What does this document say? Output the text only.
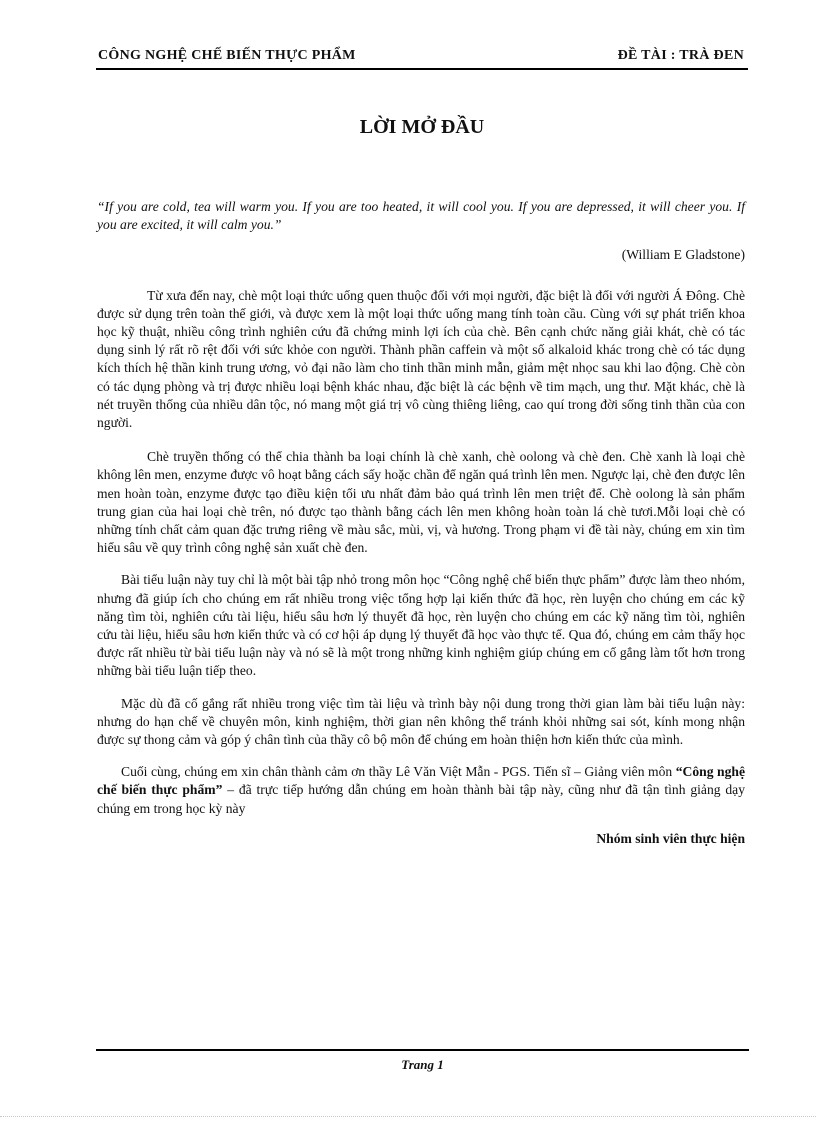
CÔNG NGHỆ CHẾ BIẾN THỰC PHẨM	ĐỀ TÀI : TRÀ ĐEN
LỜI MỞ ĐẦU

“If you are cold, tea will warm you. If you are too heated, it will cool you. If you are depressed, it will cheer you. If you are excited, it will calm you.”

(William E Gladstone)

Từ xưa đến nay, chè một loại thức uống quen thuộc đối với mọi người, đặc biệt là đối với người Á Đông. Chè được sử dụng trên toàn thế giới, và được xem là một loại thức uống mang tính toàn cầu. Cùng với sự phát triển khoa học kỹ thuật, nhiều công trình nghiên cứu đã chứng minh lợi ích của chè. Bên cạnh chức năng giải khát, chè có tác dụng sinh lý rất rõ rệt đối với sức khỏe con người. Thành phần caffein và một số alkaloid khác trong chè có tác dụng kích thích hệ thần kinh trung ương, vỏ đại não làm cho tinh thần minh mẫn, giảm mệt nhọc sau khi lao động. Chè còn có tác dụng phòng và trị được nhiều loại bệnh khác nhau, đặc biệt là các bệnh về tim mạch, ung thư. Mặt khác, chè là nét truyền thống của nhiều dân tộc, nó mang một giá trị vô cùng thiêng liêng, cao quí trong đời sống tinh thần của con người.

Chè truyền thống có thể chia thành ba loại chính là chè xanh, chè oolong và chè đen. Chè xanh là loại chè không lên men, enzyme được vô hoạt bằng cách sấy hoặc chần để ngăn quá trình lên men. Ngược lại, chè đen được lên men hoàn toàn, enzyme được tạo điều kiện tối ưu nhất đảm bảo quá trình lên men triệt để. Chè oolong là sản phẩm trung gian của hai loại chè trên, nó được tạo thành bằng cách lên men không hoàn toàn lá chè tươi.Mỗi loại chè có những tính chất cảm quan đặc trưng riêng về màu sắc, mùi, vị, và hương. Trong phạm vi đề tài này, chúng em xin tìm hiểu sâu về quy trình công nghệ sản xuất chè đen.

Bài tiểu luận này tuy chỉ là một bài tập nhỏ trong môn học “Công nghệ chế biến thực phẩm” được làm theo nhóm, nhưng đã giúp ích cho chúng em rất nhiều trong việc tổng hợp lại kiến thức đã học, rèn luyện cho chúng em các kỹ năng tìm tòi, nghiên cứu tài liệu, hiểu sâu hơn lý thuyết đã học, rèn luyện cho chúng em các kỹ năng tìm tòi, nghiên cứu tài liệu, hiểu sâu hơn kiến thức và có cơ hội áp dụng lý thuyết đã học vào thực tế. Qua đó, chúng em cảm thấy học được rất nhiều từ bài tiểu luận này và nó sẽ là một trong những kinh nghiệm giúp chúng em cố gắng làm tốt hơn trong những bài tiểu luận tiếp theo.

Mặc dù đã cố gắng rất nhiều trong việc tìm tài liệu và trình bày nội dung trong thời gian làm bài tiểu luận này: nhưng do hạn chế về chuyên môn, kinh nghiệm, thời gian nên không thể tránh khỏi những sai sót, kính mong nhận được sự thong cảm và góp ý chân tình của thầy cô bộ môn để chúng em hoàn thiện hơn kiến thức của mình.

Cuối cùng, chúng em xin chân thành cảm ơn thầy Lê Văn Việt Mẫn - PGS. Tiến sĩ – Giảng viên môn “Công nghệ chế biến thực phẩm” – đã trực tiếp hướng dẫn chúng em hoàn thành bài tập này, cũng như đã tận tình giảng dạy chúng em trong học kỳ này

Nhóm sinh viên thực hiện

Trang 1
